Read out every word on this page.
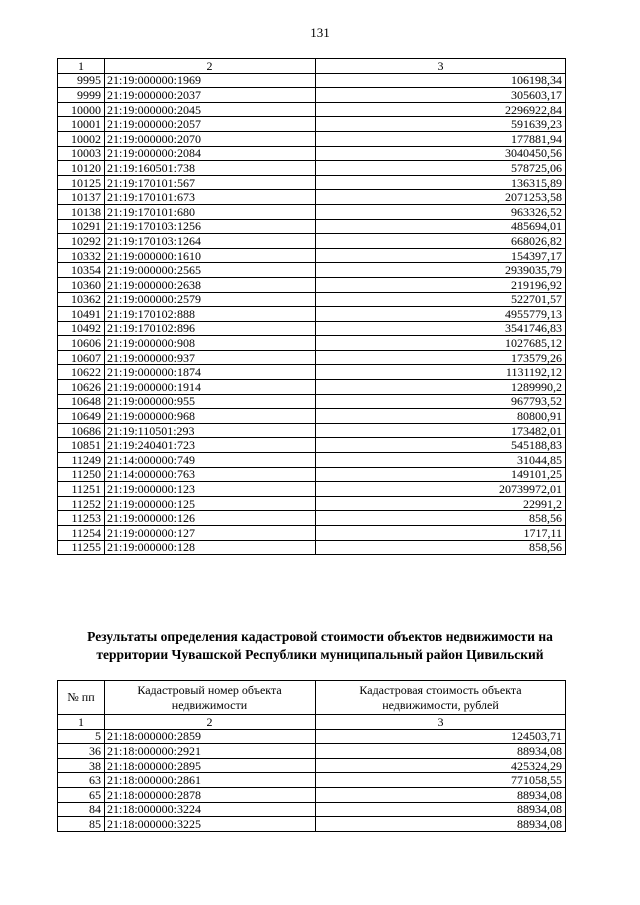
131
1	2	3
9995	21:19:000000:1969	106198,34
9999	21:19:000000:2037	305603,17
10000	21:19:000000:2045	2296922,84
10001	21:19:000000:2057	591639,23
10002	21:19:000000:2070	177881,94
10003	21:19:000000:2084	3040450,56
10120	21:19:160501:738	578725,06
10125	21:19:170101:567	136315,89
10137	21:19:170101:673	2071253,58
10138	21:19:170101:680	963326,52
10291	21:19:170103:1256	485694,01
10292	21:19:170103:1264	668026,82
10332	21:19:000000:1610	154397,17
10354	21:19:000000:2565	2939035,79
10360	21:19:000000:2638	219196,92
10362	21:19:000000:2579	522701,57
10491	21:19:170102:888	4955779,13
10492	21:19:170102:896	3541746,83
10606	21:19:000000:908	1027685,12
10607	21:19:000000:937	173579,26
10622	21:19:000000:1874	1131192,12
10626	21:19:000000:1914	1289990,2
10648	21:19:000000:955	967793,52
10649	21:19:000000:968	80800,91
10686	21:19:110501:293	173482,01
10851	21:19:240401:723	545188,83
11249	21:14:000000:749	31044,85
11250	21:14:000000:763	149101,25
11251	21:19:000000:123	20739972,01
11252	21:19:000000:125	22991,2
11253	21:19:000000:126	858,56
11254	21:19:000000:127	1717,11
11255	21:19:000000:128	858,56
Результаты определения кадастровой стоимости объектов недвижимости на
территории Чувашской Республики муниципальный район Цивильский
№ пп	Кадастровый номер объекта недвижимости	Кадастровая стоимость объекта недвижимости, рублей
1	2	3
5	21:18:000000:2859	124503,71
36	21:18:000000:2921	88934,08
38	21:18:000000:2895	425324,29
63	21:18:000000:2861	771058,55
65	21:18:000000:2878	88934,08
84	21:18:000000:3224	88934,08
85	21:18:000000:3225	88934,08
